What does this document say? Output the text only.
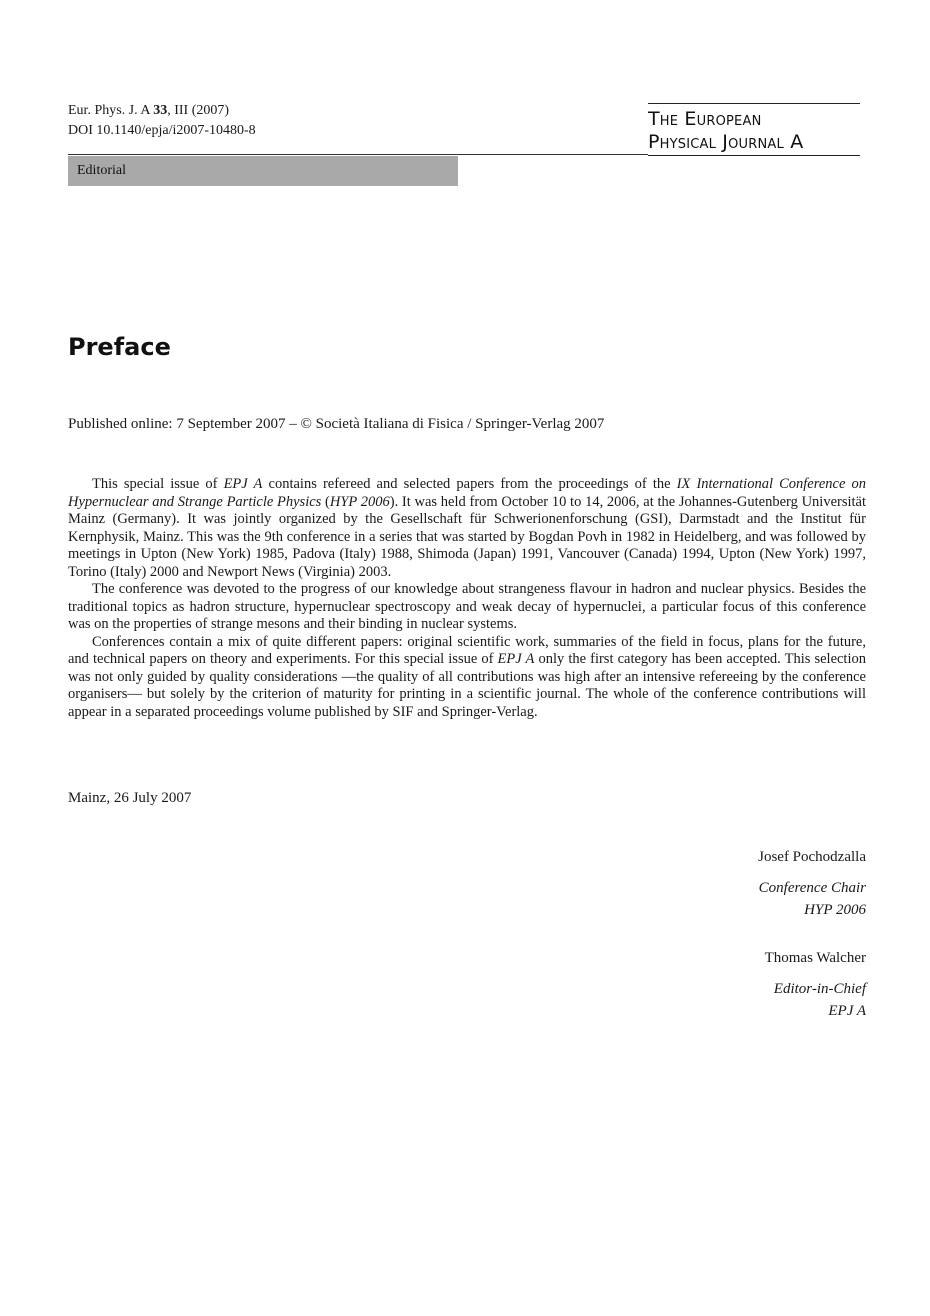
Eur. Phys. J. A 33, III (2007)
DOI 10.1140/epja/i2007-10480-8
The European
Physical Journal A
Editorial
Preface
Published online: 7 September 2007 – © Società Italiana di Fisica / Springer-Verlag 2007

This special issue of EPJ A contains refereed and selected papers from the proceedings of the IX International Conference on Hypernuclear and Strange Particle Physics (HYP 2006). It was held from October 10 to 14, 2006, at the Johannes-Gutenberg Universität Mainz (Germany). It was jointly organized by the Gesellschaft für Schwerionenforschung (GSI), Darmstadt and the Institut für Kernphysik, Mainz. This was the 9th conference in a series that was started by Bogdan Povh in 1982 in Heidelberg, and was followed by meetings in Upton (New York) 1985, Padova (Italy) 1988, Shimoda (Japan) 1991, Vancouver (Canada) 1994, Upton (New York) 1997, Torino (Italy) 2000 and Newport News (Virginia) 2003.

The conference was devoted to the progress of our knowledge about strangeness flavour in hadron and nuclear physics. Besides the traditional topics as hadron structure, hypernuclear spectroscopy and weak decay of hypernuclei, a particular focus of this conference was on the properties of strange mesons and their binding in nuclear systems.

Conferences contain a mix of quite different papers: original scientific work, summaries of the field in focus, plans for the future, and technical papers on theory and experiments. For this special issue of EPJ A only the first category has been accepted. This selection was not only guided by quality considerations —the quality of all contributions was high after an intensive refereeing by the conference organisers— but solely by the criterion of maturity for printing in a scientific journal. The whole of the conference contributions will appear in a separated proceedings volume published by SIF and Springer-Verlag.

Mainz, 26 July 2007
Josef Pochodzalla
Conference Chair
HYP 2006
Thomas Walcher
Editor-in-Chief
EPJ A
